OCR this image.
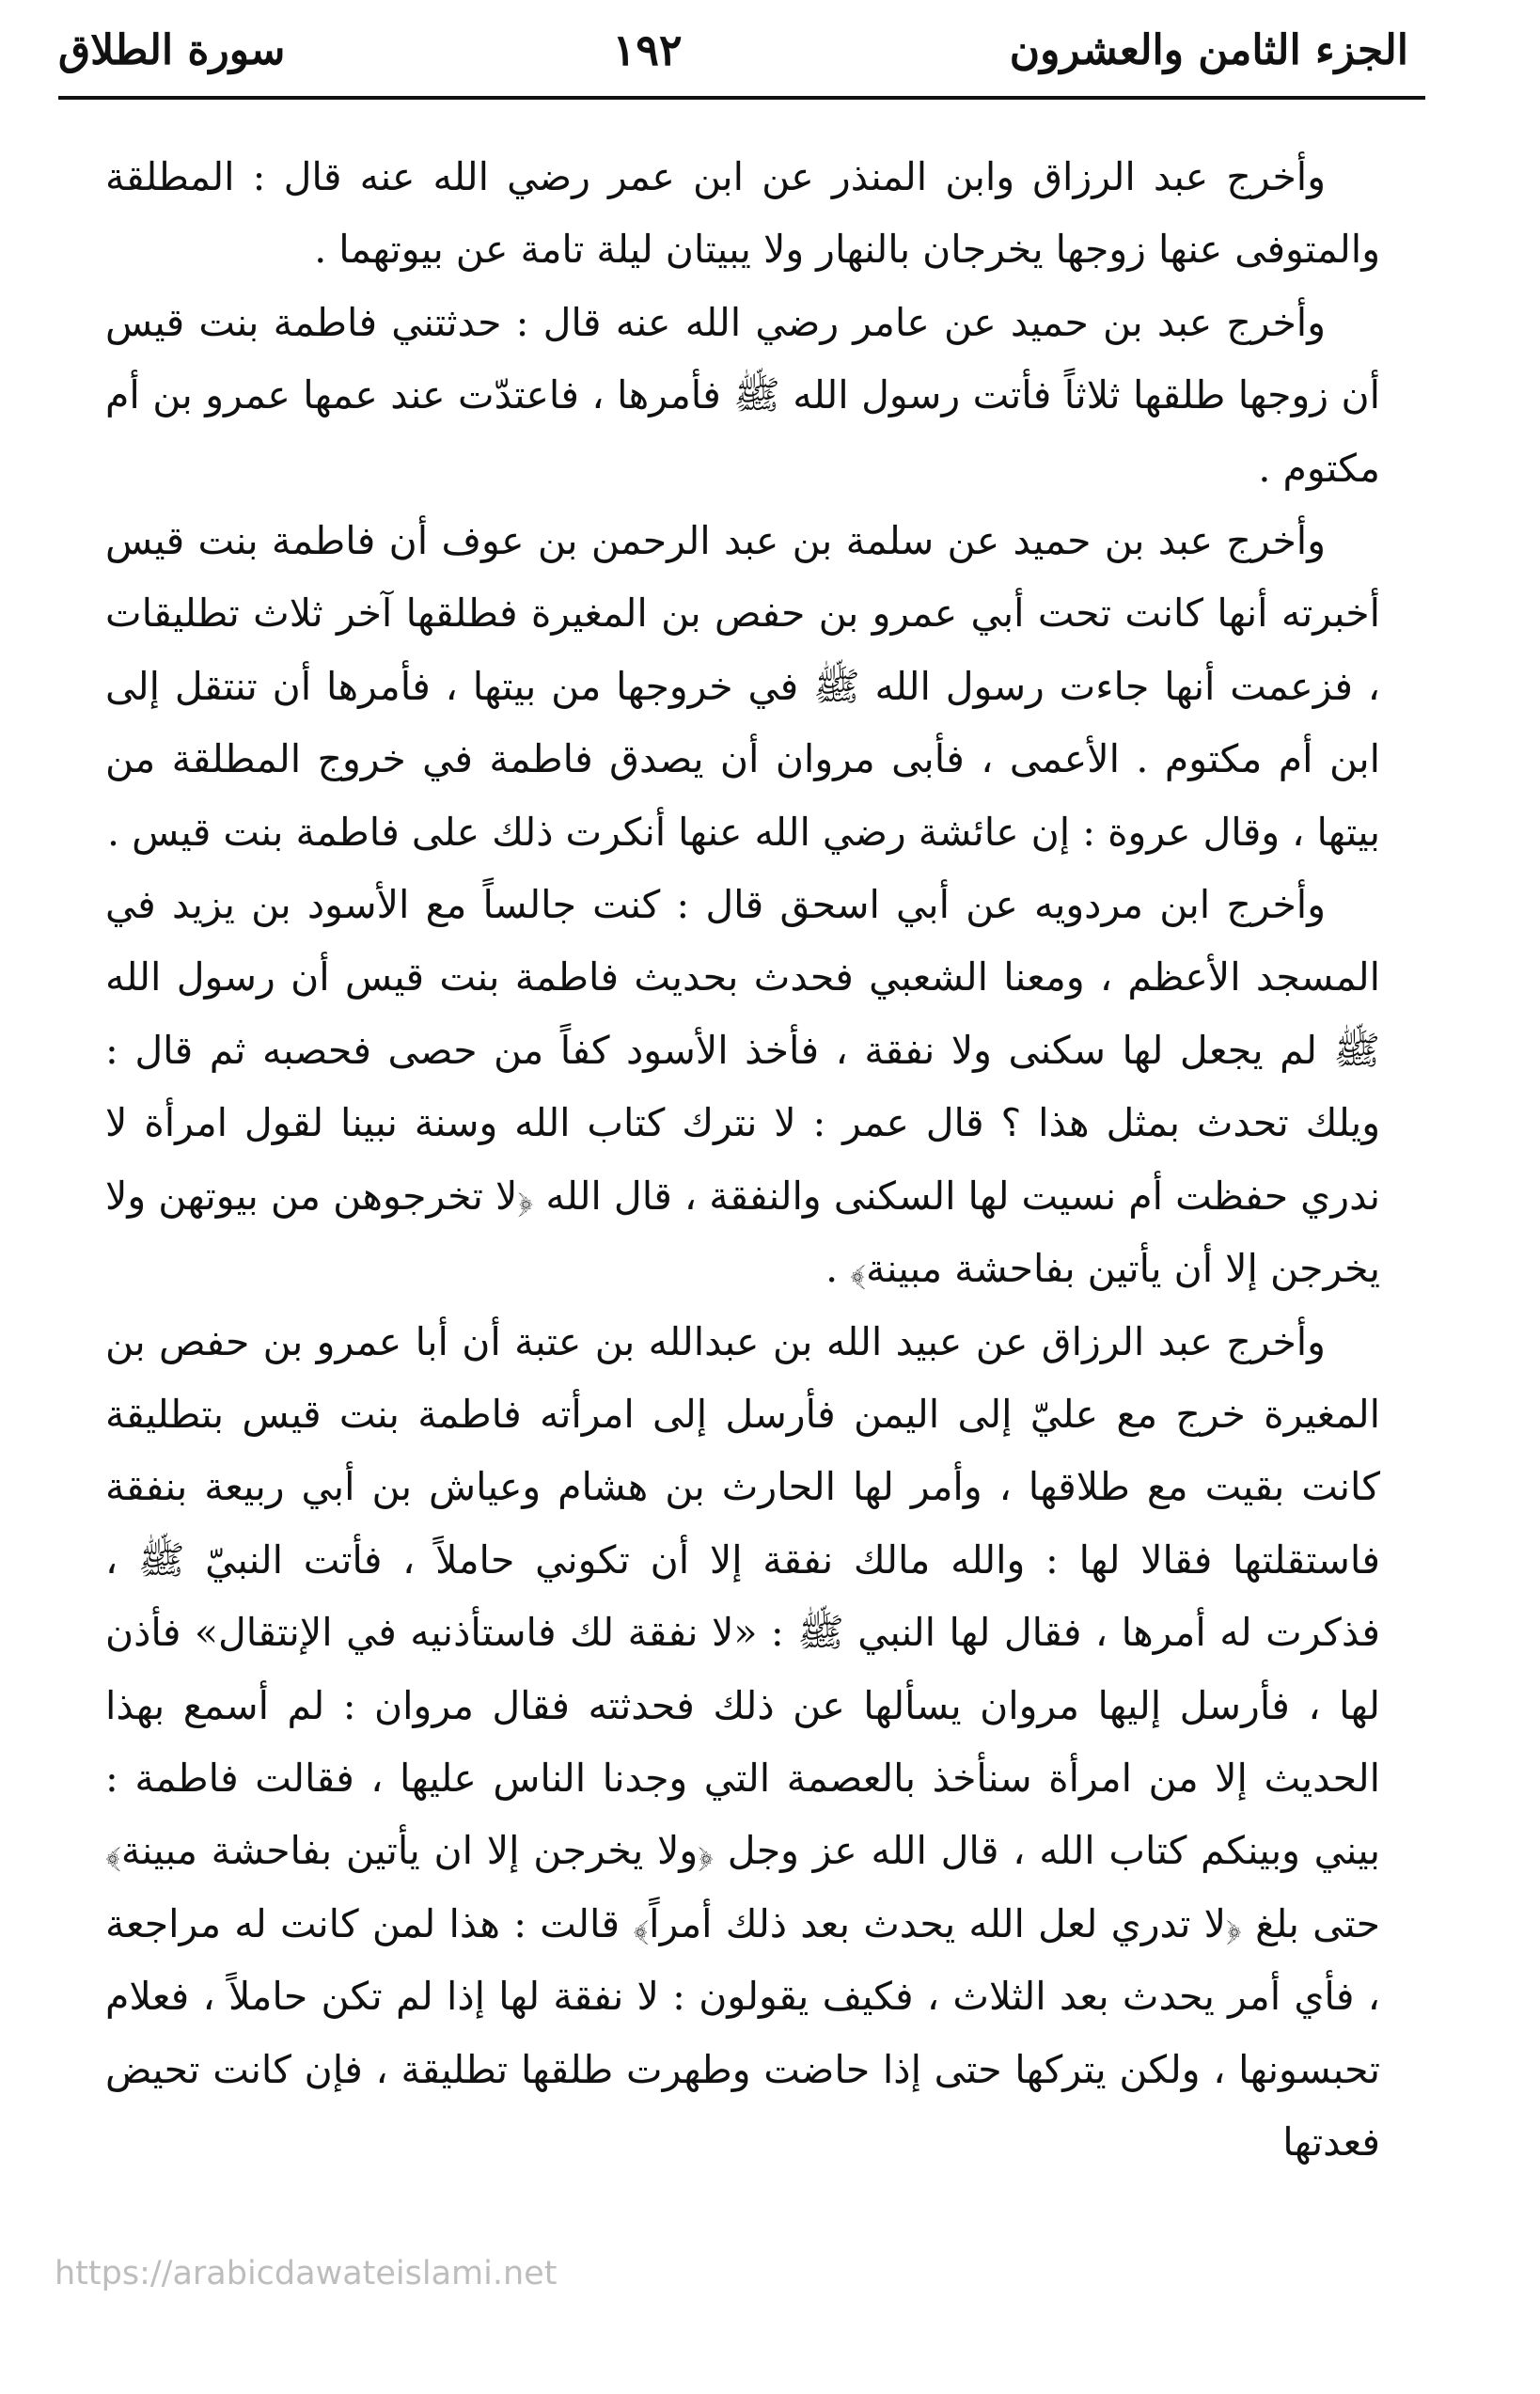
الجزء الثامن والعشرون
١٩٢
سورة الطلاق

وأخرج عبد الرزاق وابن المنذر عن ابن عمر رضي الله عنه قال : المطلقة والمتوفى عنها زوجها يخرجان بالنهار ولا يبيتان ليلة تامة عن بيوتهما .

وأخرج عبد بن حميد عن عامر رضي الله عنه قال : حدثتني فاطمة بنت قيس أن زوجها طلقها ثلاثاً فأتت رسول الله ﷺ فأمرها ، فاعتدّت عند عمها عمرو بن أم مكتوم .

وأخرج عبد بن حميد عن سلمة بن عبد الرحمن بن عوف أن فاطمة بنت قيس أخبرته أنها كانت تحت أبي عمرو بن حفص بن المغيرة فطلقها آخر ثلاث تطليقات ، فزعمت أنها جاءت رسول الله ﷺ في خروجها من بيتها ، فأمرها أن تنتقل إلى ابن أم مكتوم . الأعمى ، فأبى مروان أن يصدق فاطمة في خروج المطلقة من بيتها ، وقال عروة : إن عائشة رضي الله عنها أنكرت ذلك على فاطمة بنت قيس .

وأخرج ابن مردويه عن أبي اسحق قال : كنت جالساً مع الأسود بن يزيد في المسجد الأعظم ، ومعنا الشعبي فحدث بحديث فاطمة بنت قيس أن رسول الله ﷺ لم يجعل لها سكنى ولا نفقة ، فأخذ الأسود كفاً من حصى فحصبه ثم قال : ويلك تحدث بمثل هذا ؟ قال عمر : لا نترك كتاب الله وسنة نبينا لقول امرأة لا ندري حفظت أم نسيت لها السكنى والنفقة ، قال الله ﴿لا تخرجوهن من بيوتهن ولا يخرجن إلا أن يأتين بفاحشة مبينة﴾ .

وأخرج عبد الرزاق عن عبيد الله بن عبدالله بن عتبة أن أبا عمرو بن حفص بن المغيرة خرج مع عليّ إلى اليمن فأرسل إلى امرأته فاطمة بنت قيس بتطليقة كانت بقيت مع طلاقها ، وأمر لها الحارث بن هشام وعياش بن أبي ربيعة بنفقة فاستقلتها فقالا لها : والله مالك نفقة إلا أن تكوني حاملاً ، فأتت النبيّ ﷺ ، فذكرت له أمرها ، فقال لها النبي ﷺ : «لا نفقة لك فاستأذنيه في الإنتقال» فأذن لها ، فأرسل إليها مروان يسألها عن ذلك فحدثته فقال مروان : لم أسمع بهذا الحديث إلا من امرأة سنأخذ بالعصمة التي وجدنا الناس عليها ، فقالت فاطمة : بيني وبينكم كتاب الله ، قال الله عز وجل ﴿ولا يخرجن إلا ان يأتين بفاحشة مبينة﴾ حتى بلغ ﴿لا تدري لعل الله يحدث بعد ذلك أمراً﴾ قالت : هذا لمن كانت له مراجعة ، فأي أمر يحدث بعد الثلاث ، فكيف يقولون : لا نفقة لها إذا لم تكن حاملاً ، فعلام تحبسونها ، ولكن يتركها حتى إذا حاضت وطهرت طلقها تطليقة ، فإن كانت تحيض فعدتها

https://arabicdawateislami.net
